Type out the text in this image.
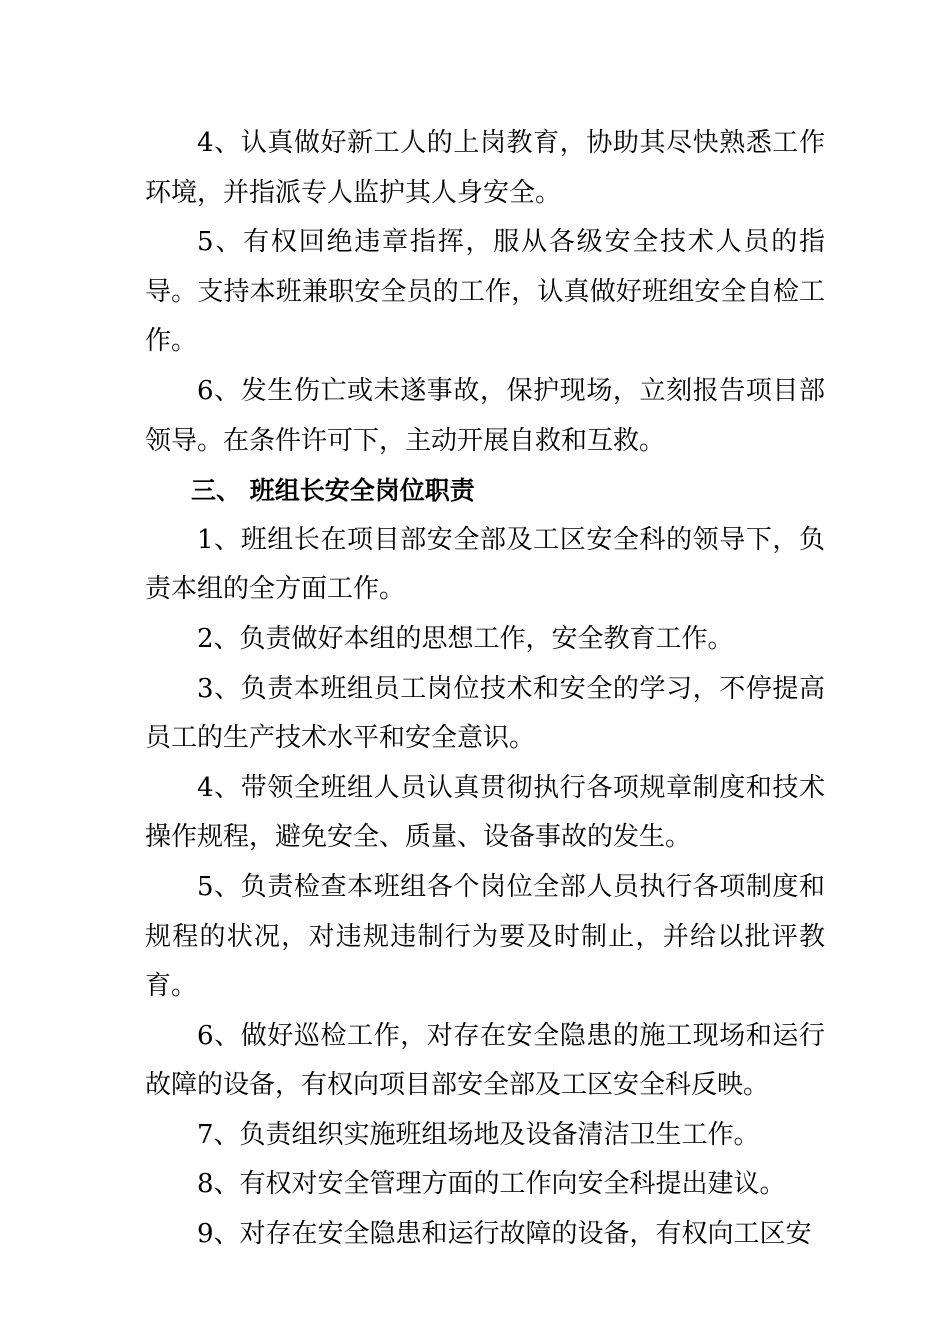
4、认真做好新工人的上岗教育，协助其尽快熟悉工作环境，并指派专人监护其人身安全。

5、有权回绝违章指挥，服从各级安全技术人员的指导。支持本班兼职安全员的工作，认真做好班组安全自检工作。

6、发生伤亡或未遂事故，保护现场，立刻报告项目部领导。在条件许可下，主动开展自救和互救。

三、 班组长安全岗位职责

1、班组长在项目部安全部及工区安全科的领导下，负责本组的全方面工作。

2、负责做好本组的思想工作，安全教育工作。

3、负责本班组员工岗位技术和安全的学习，不停提高员工的生产技术水平和安全意识。

4、带领全班组人员认真贯彻执行各项规章制度和技术操作规程，避免安全、质量、设备事故的发生。

5、负责检查本班组各个岗位全部人员执行各项制度和规程的状况，对违规违制行为要及时制止，并给以批评教育。

6、做好巡检工作，对存在安全隐患的施工现场和运行故障的设备，有权向项目部安全部及工区安全科反映。

7、负责组织实施班组场地及设备清洁卫生工作。

8、有权对安全管理方面的工作向安全科提出建议。

9、对存在安全隐患和运行故障的设备，有权向工区安
